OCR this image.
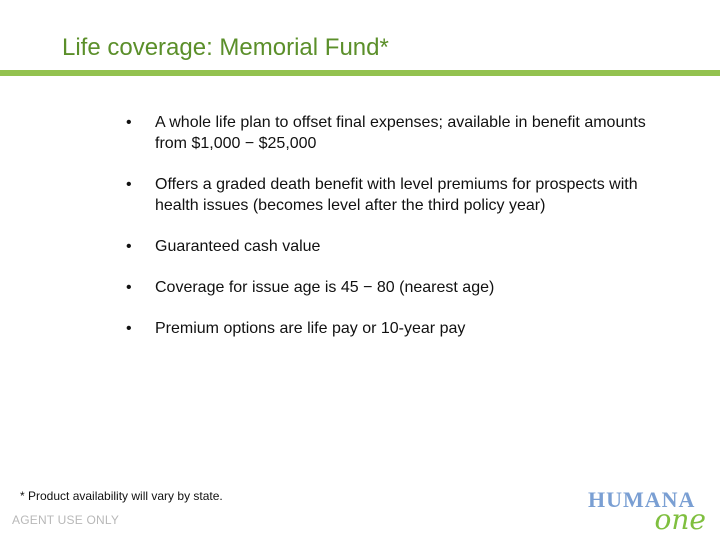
Life coverage: Memorial Fund*
•	A whole life plan to offset final expenses; available in benefit amounts from $1,000 − $25,000
•	Offers a graded death benefit with level premiums for prospects with health issues (becomes level after the third policy year)
•	Guaranteed cash value
•	Coverage for issue age is 45 − 80 (nearest age)
•	Premium options are life pay or 10-year pay
* Product availability will vary by state.
AGENT USE ONLY
HUMANA
one
